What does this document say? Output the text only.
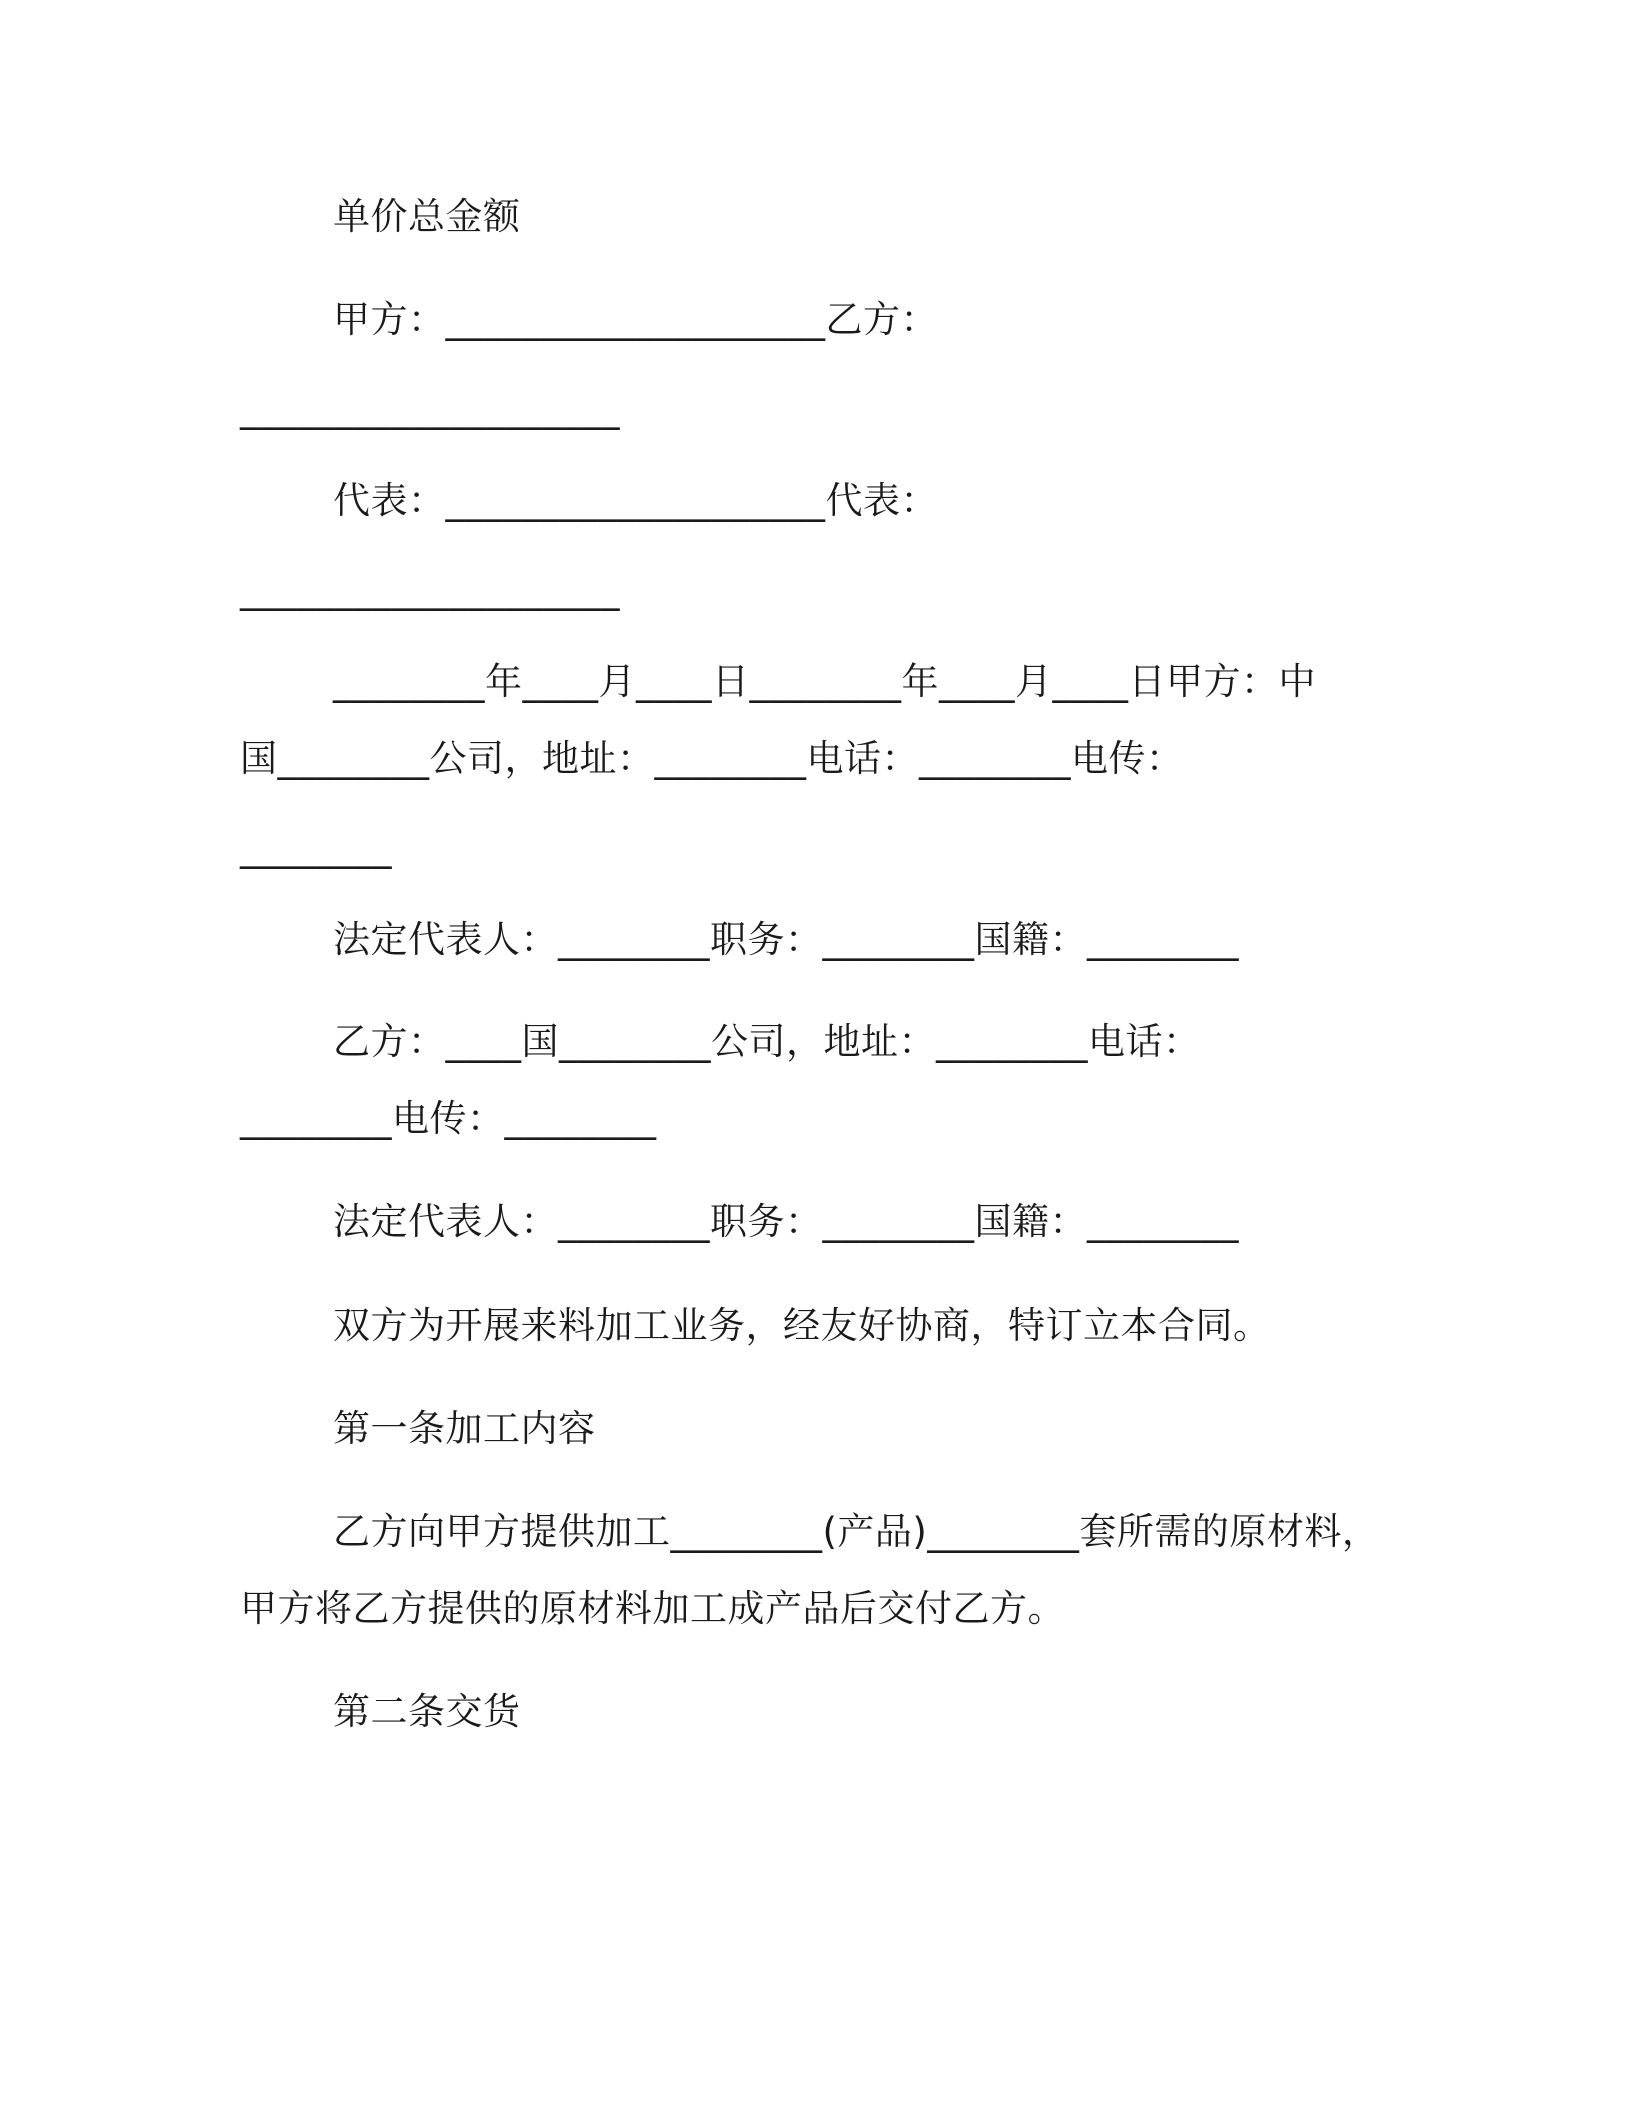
单价总金额
甲方：____________________乙方：
____________________
代表：____________________代表：
____________________
________年____月____日________年____月____日甲方：中
国________公司，地址：________电话：________电传：
________
法定代表人：________职务：________国籍：________
乙方：____国________公司，地址：________电话：
________电传：________
法定代表人：________职务：________国籍：________
双方为开展来料加工业务，经友好协商，特订立本合同。
第一条加工内容
乙方向甲方提供加工________(产品)________套所需的原材料，
甲方将乙方提供的原材料加工成产品后交付乙方。
第二条交货
